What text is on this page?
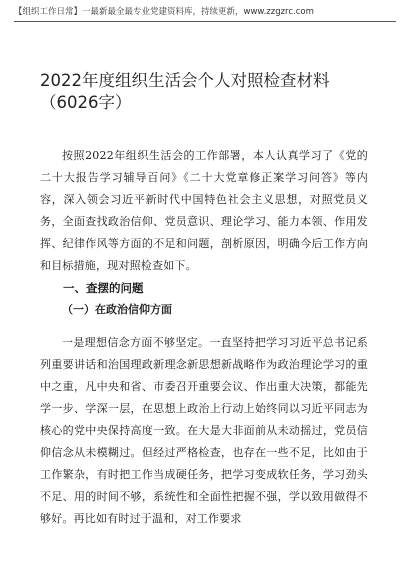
【组织工作日常】一最新最全最专业党建资料库，持续更新，www.zzgzrc.com
2022年度组织生活会个人对照检查材料（6026字）

按照2022年组织生活会的工作部署，本人认真学习了《党的二十大报告学习辅导百问》《二十大党章修正案学习问答》等内容，深入领会习近平新时代中国特色社会主义思想，对照党员义务，全面查找政治信仰、党员意识、理论学习、能力本领、作用发挥、纪律作风等方面的不足和问题，剖析原因，明确今后工作方向和目标措施，现对照检查如下。

一、查摆的问题

（一）在政治信仰方面

一是理想信念方面不够坚定。一直坚持把学习习近平总书记系列重要讲话和治国理政新理念新思想新战略作为政治理论学习的重中之重，凡中央和省、市委召开重要会议、作出重大决策，都能先学一步、学深一层，在思想上政治上行动上始终同以习近平同志为核心的党中央保持高度一致。在大是大非面前从未动摇过，党员信仰信念从未模糊过。但经过严格检查，也存在一些不足，比如由于工作繁杂，有时把工作当成硬任务，把学习变成软任务，学习劲头不足、用的时间不够，系统性和全面性把握不强，学以致用做得不够好。再比如有时过于温和，对工作要求
